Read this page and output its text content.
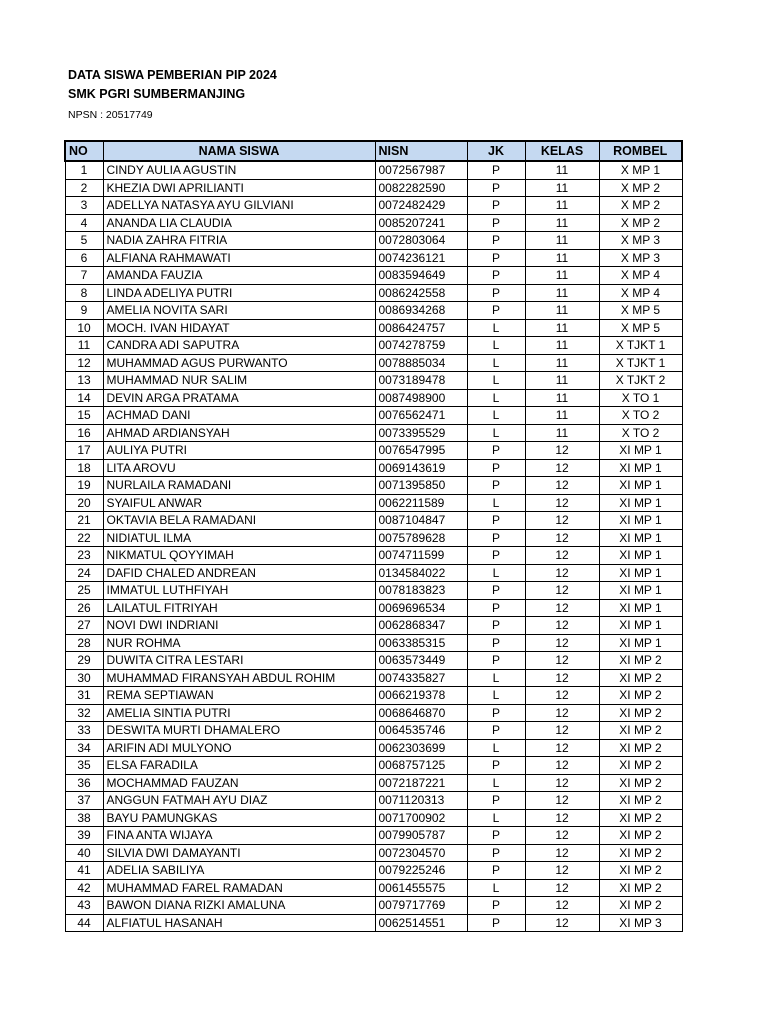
DATA SISWA PEMBERIAN PIP 2024

SMK PGRI SUMBERMANJING

NPSN : 20517749
NO	NAMA SISWA	NISN	JK	KELAS	ROMBEL
1	CINDY AULIA AGUSTIN	0072567987	P	11	X MP 1
2	KHEZIA DWI APRILIANTI	0082282590	P	11	X MP 2
3	ADELLYA NATASYA AYU GILVIANI	0072482429	P	11	X MP 2
4	ANANDA LIA CLAUDIA	0085207241	P	11	X MP 2
5	NADIA ZAHRA FITRIA	0072803064	P	11	X MP 3
6	ALFIANA RAHMAWATI	0074236121	P	11	X MP 3
7	AMANDA FAUZIA	0083594649	P	11	X MP 4
8	LINDA ADELIYA PUTRI	0086242558	P	11	X MP 4
9	AMELIA NOVITA SARI	0086934268	P	11	X MP 5
10	MOCH. IVAN HIDAYAT	0086424757	L	11	X MP 5
11	CANDRA ADI SAPUTRA	0074278759	L	11	X TJKT 1
12	MUHAMMAD AGUS PURWANTO	0078885034	L	11	X TJKT 1
13	MUHAMMAD NUR SALIM	0073189478	L	11	X TJKT 2
14	DEVIN ARGA PRATAMA	0087498900	L	11	X TO 1
15	ACHMAD DANI	0076562471	L	11	X TO 2
16	AHMAD ARDIANSYAH	0073395529	L	11	X TO 2
17	AULIYA PUTRI	0076547995	P	12	XI MP 1
18	LITA AROVU	0069143619	P	12	XI MP 1
19	NURLAILA RAMADANI	0071395850	P	12	XI MP 1
20	SYAIFUL ANWAR	0062211589	L	12	XI MP 1
21	OKTAVIA BELA RAMADANI	0087104847	P	12	XI MP 1
22	NIDIATUL ILMA	0075789628	P	12	XI MP 1
23	NIKMATUL QOYYIMAH	0074711599	P	12	XI MP 1
24	DAFID CHALED ANDREAN	0134584022	L	12	XI MP 1
25	IMMATUL LUTHFIYAH	0078183823	P	12	XI MP 1
26	LAILATUL FITRIYAH	0069696534	P	12	XI MP 1
27	NOVI DWI INDRIANI	0062868347	P	12	XI MP 1
28	NUR ROHMA	0063385315	P	12	XI MP 1
29	DUWITA CITRA LESTARI	0063573449	P	12	XI MP 2
30	MUHAMMAD FIRANSYAH ABDUL ROHIM	0074335827	L	12	XI MP 2
31	REMA SEPTIAWAN	0066219378	L	12	XI MP 2
32	AMELIA SINTIA PUTRI	0068646870	P	12	XI MP 2
33	DESWITA MURTI DHAMALERO	0064535746	P	12	XI MP 2
34	ARIFIN ADI MULYONO	0062303699	L	12	XI MP 2
35	ELSA FARADILA	0068757125	P	12	XI MP 2
36	MOCHAMMAD FAUZAN	0072187221	L	12	XI MP 2
37	ANGGUN FATMAH AYU DIAZ	0071120313	P	12	XI MP 2
38	BAYU PAMUNGKAS	0071700902	L	12	XI MP 2
39	FINA ANTA WIJAYA	0079905787	P	12	XI MP 2
40	SILVIA DWI DAMAYANTI	0072304570	P	12	XI MP 2
41	ADELIA SABILIYA	0079225246	P	12	XI MP 2
42	MUHAMMAD FAREL RAMADAN	0061455575	L	12	XI MP 2
43	BAWON DIANA RIZKI AMALUNA	0079717769	P	12	XI MP 2
44	ALFIATUL HASANAH	0062514551	P	12	XI MP 3
